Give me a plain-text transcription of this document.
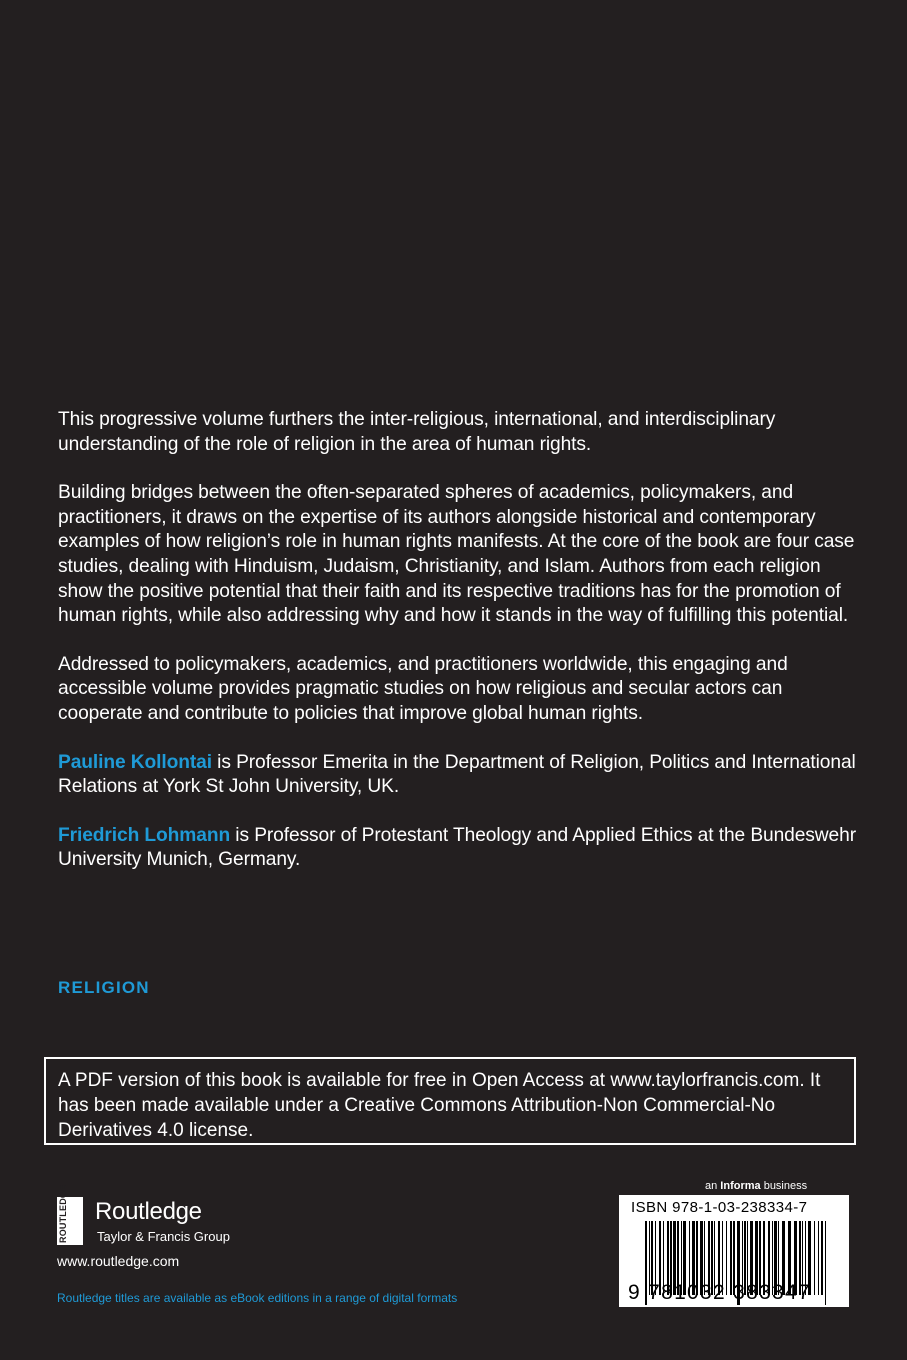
This progressive volume furthers the inter-religious, international, and interdisciplinary understanding of the role of religion in the area of human rights.

Building bridges between the often-separated spheres of academics, policymakers, and practitioners, it draws on the expertise of its authors alongside historical and contemporary examples of how religion’s role in human rights manifests. At the core of the book are four case studies, dealing with Hinduism, Judaism, Christianity, and Islam. Authors from each religion show the positive potential that their faith and its respective traditions has for the promotion of human rights, while also addressing why and how it stands in the way of fulfilling this potential.

Addressed to policymakers, academics, and practitioners worldwide, this engaging and accessible volume provides pragmatic studies on how religious and secular actors can cooperate and contribute to policies that improve global human rights.

Pauline Kollontai is Professor Emerita in the Department of Religion, Politics and International Relations at York St John University, UK.

Friedrich Lohmann is Professor of Protestant Theology and Applied Ethics at the Bundeswehr University Munich, Germany.

RELIGION
A PDF version of this book is available for free in Open Access at www.taylorfrancis.com. It has been made available under a Creative Commons Attribution-Non Commercial-No Derivatives 4.0 license.
ROUTLEDGE Routledge
Taylor & Francis Group
www.routledge.com
Routledge titles are available as eBook editions in a range of digital formats
an Informa business
ISBN 978-1-03-238334-7
9 781032 383347
